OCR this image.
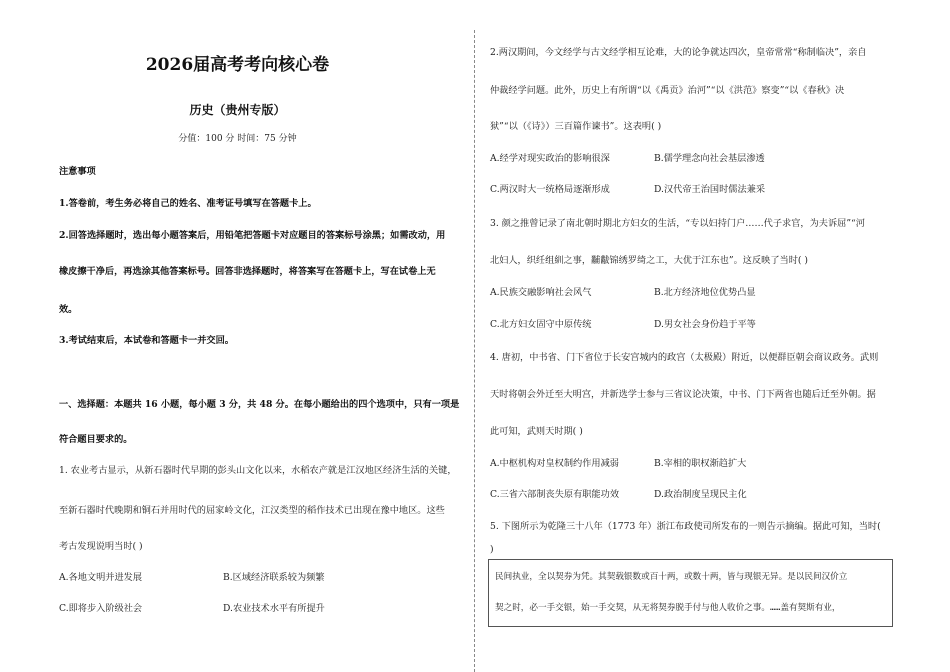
2026届高考考向核心卷
历史（贵州专版）
分值：100 分 时间：75 分钟
注意事项
1.答卷前，考生务必将自己的姓名、准考证号填写在答题卡上。
2.回答选择题时，选出每小题答案后，用铅笔把答题卡对应题目的答案标号涂黑；如需改动，用
橡皮擦干净后，再选涂其他答案标号。回答非选择题时，将答案写在答题卡上，写在试卷上无
效。
3.考试结束后，本试卷和答题卡一并交回。
一、选择题：本题共 16 小题，每小题 3 分，共 48 分。在每小题给出的四个选项中，只有一项是
符合题目要求的。
1. 农业考古显示，从新石器时代早期的彭头山文化以来，水稻农产就是江汉地区经济生活的关键，
至新石器时代晚期和铜石并用时代的屈家岭文化，江汉类型的稻作技术已出现在豫中地区。这些
考古发现说明当时( )
A.各地文明并进发展	B.区域经济联系较为频繁
C.即将步入阶级社会	D.农业技术水平有所提升
2.两汉期间，今文经学与古文经学相互论难，大的论争就达四次，皇帝常常“称制临决”，亲自
仲裁经学问题。此外，历史上有所谓“以《禹贡》治河”“以《洪范》察变”“以《春秋》决
狱”“以（《诗》）三百篇作谏书”。这表明( )
A.经学对现实政治的影响很深	B.儒学理念向社会基层渗透
C.两汉时大一统格局逐渐形成	D.汉代帝王治国时儒法兼采
3. 颜之推曾记录了南北朝时期北方妇女的生活，“专以妇持门户……代子求官，为夫诉屈”“河
北妇人，织纴组紃之事，黼黻锦绣罗绮之工，大优于江东也”。这反映了当时( )
A.民族交融影响社会风气	B.北方经济地位优势凸显
C.北方妇女固守中原传统	D.男女社会身份趋于平等
4. 唐初，中书省、门下省位于长安宫城内的政宫（太极殿）附近，以便群臣朝会商议政务。武则
天时将朝会外迁至大明宫，并新选学士参与三省议论决策，中书、门下两省也随后迁至外朝。据
此可知，武则天时期( )
A.中枢机构对皇权制约作用减弱	B.宰相的职权渐趋扩大
C.三省六部制丧失原有职能功效	D.政治制度呈现民主化
5. 下图所示为乾隆三十八年（1773 年）浙江布政使司所发布的一则告示摘编。据此可知，当时(
)
民间执业，全以契券为凭。其契载银数或百十两，或数十两，皆与现银无异。是以民间汉价立
契之时，必一手交银，始一手交契，从无将契券脱手付与他人收价之事。……盖有契斯有业，
